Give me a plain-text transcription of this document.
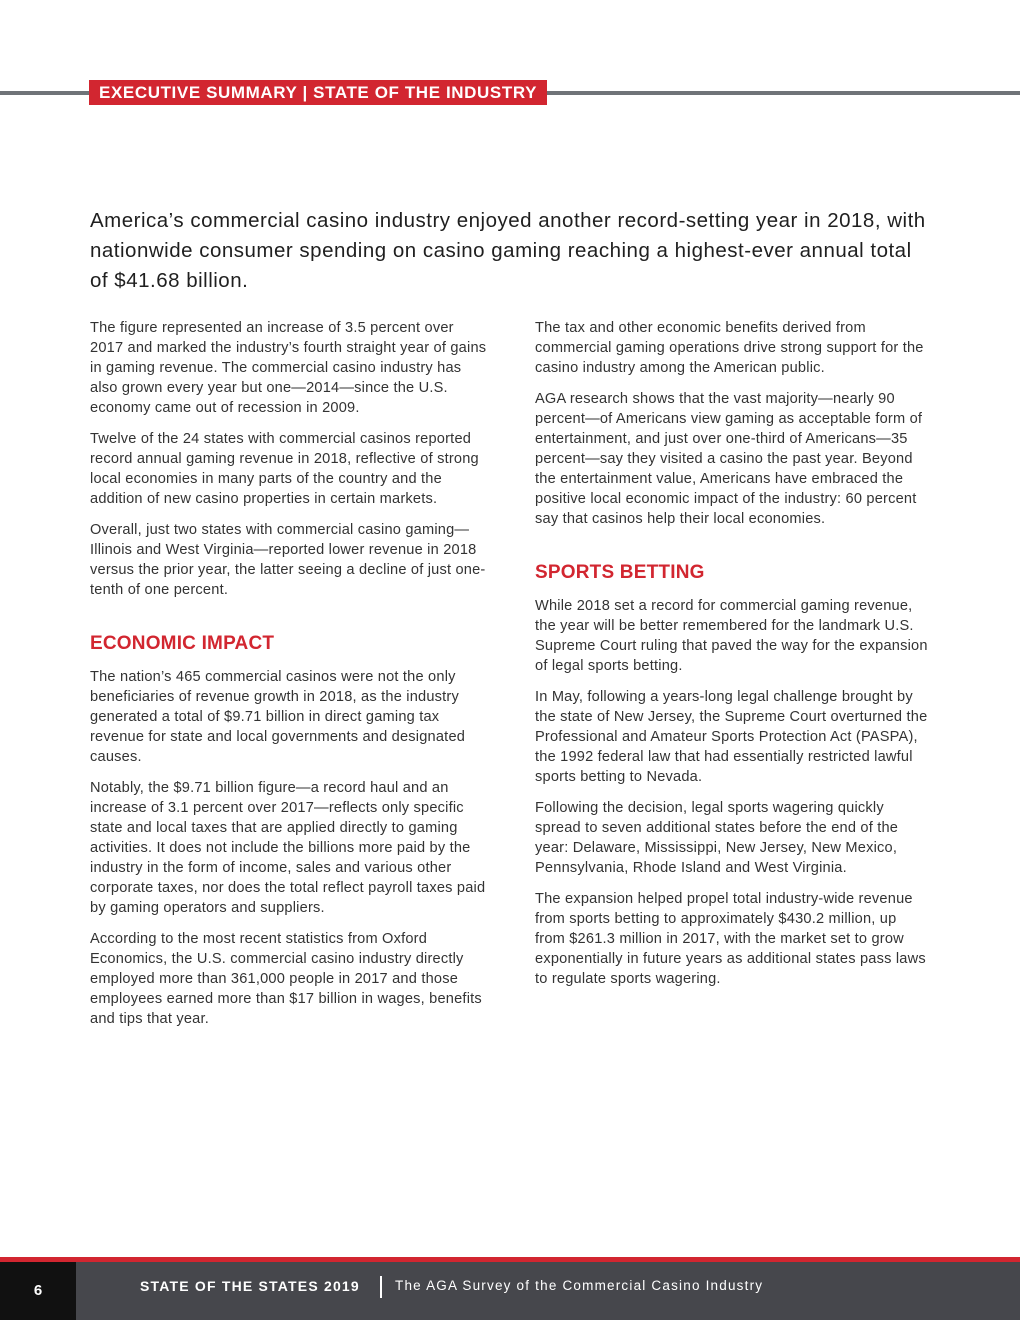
EXECUTIVE SUMMARY | STATE OF THE INDUSTRY

America’s commercial casino industry enjoyed another record-setting year in 2018, with nationwide consumer spending on casino gaming reaching a highest-ever annual total of $41.68 billion.

The figure represented an increase of 3.5 percent over 2017 and marked the industry’s fourth straight year of gains in gaming revenue. The commercial casino industry has also grown every year but one—2014—since the U.S. economy came out of recession in 2009.

Twelve of the 24 states with commercial casinos reported record annual gaming revenue in 2018, reflective of strong local economies in many parts of the country and the addition of new casino properties in certain markets.

Overall, just two states with commercial casino gaming—Illinois and West Virginia—reported lower revenue in 2018 versus the prior year, the latter seeing a decline of just one-tenth of one percent.

ECONOMIC IMPACT

The nation’s 465 commercial casinos were not the only beneficiaries of revenue growth in 2018, as the industry generated a total of $9.71 billion in direct gaming tax revenue for state and local governments and designated causes.

Notably, the $9.71 billion figure—a record haul and an increase of 3.1 percent over 2017—reflects only specific state and local taxes that are applied directly to gaming activities. It does not include the billions more paid by the industry in the form of income, sales and various other corporate taxes, nor does the total reflect payroll taxes paid by gaming operators and suppliers.

According to the most recent statistics from Oxford Economics, the U.S. commercial casino industry directly employed more than 361,000 people in 2017 and those employees earned more than $17 billion in wages, benefits and tips that year.

The tax and other economic benefits derived from commercial gaming operations drive strong support for the casino industry among the American public.

AGA research shows that the vast majority—nearly 90 percent—of Americans view gaming as acceptable form of entertainment, and just over one-third of Americans—35 percent—say they visited a casino the past year. Beyond the entertainment value, Americans have embraced the positive local economic impact of the industry: 60 percent say that casinos help their local economies.

SPORTS BETTING

While 2018 set a record for commercial gaming revenue, the year will be better remembered for the landmark U.S. Supreme Court ruling that paved the way for the expansion of legal sports betting.

In May, following a years-long legal challenge brought by the state of New Jersey, the Supreme Court overturned the Professional and Amateur Sports Protection Act (PASPA), the 1992 federal law that had essentially restricted lawful sports betting to Nevada.

Following the decision, legal sports wagering quickly spread to seven additional states before the end of the year: Delaware, Mississippi, New Jersey, New Mexico, Pennsylvania, Rhode Island and West Virginia.

The expansion helped propel total industry-wide revenue from sports betting to approximately $430.2 million, up from $261.3 million in 2017, with the market set to grow exponentially in future years as additional states pass laws to regulate sports wagering.

6	STATE OF THE STATES 2019	The AGA Survey of the Commercial Casino Industry
